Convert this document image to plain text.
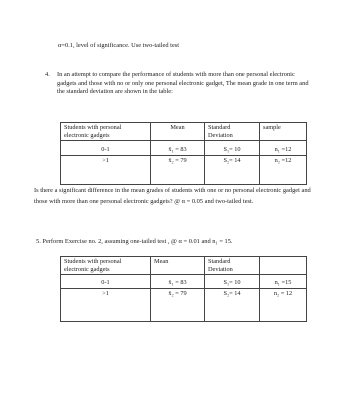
α=0.1, level of significance. Use two-tailed test
4. In an attempt to compare the performance of students with more than one personal electronic gadgets and those with no or only one personal electronic gadget, The mean grade in one term and the standard deviation are shown in the table:
Students with personal electronic gadgets	Mean	Standard Deviation	sample
0-1	x̄₁ = 83	S₁= 10	n₁ =12
>1	x̄₂ = 79	S₂= 14	n₂ =12
Is there a significant difference in the mean grades of students with one or no personal electronic gadget and those with more than one personal electronic gadgets? @ α = 0.05 and two-tailed test.
5. Perform Exercise no. 2, assuming one-tailed test , @ α = 0.01 and n₁ = 15.
Students with personal electronic gadgets	Mean	Standard Deviation	
0-1	x̄₁ = 83	S₁= 10	n₁ =15
>1	x̄₂ = 79	S₂= 14	n₂ = 12
